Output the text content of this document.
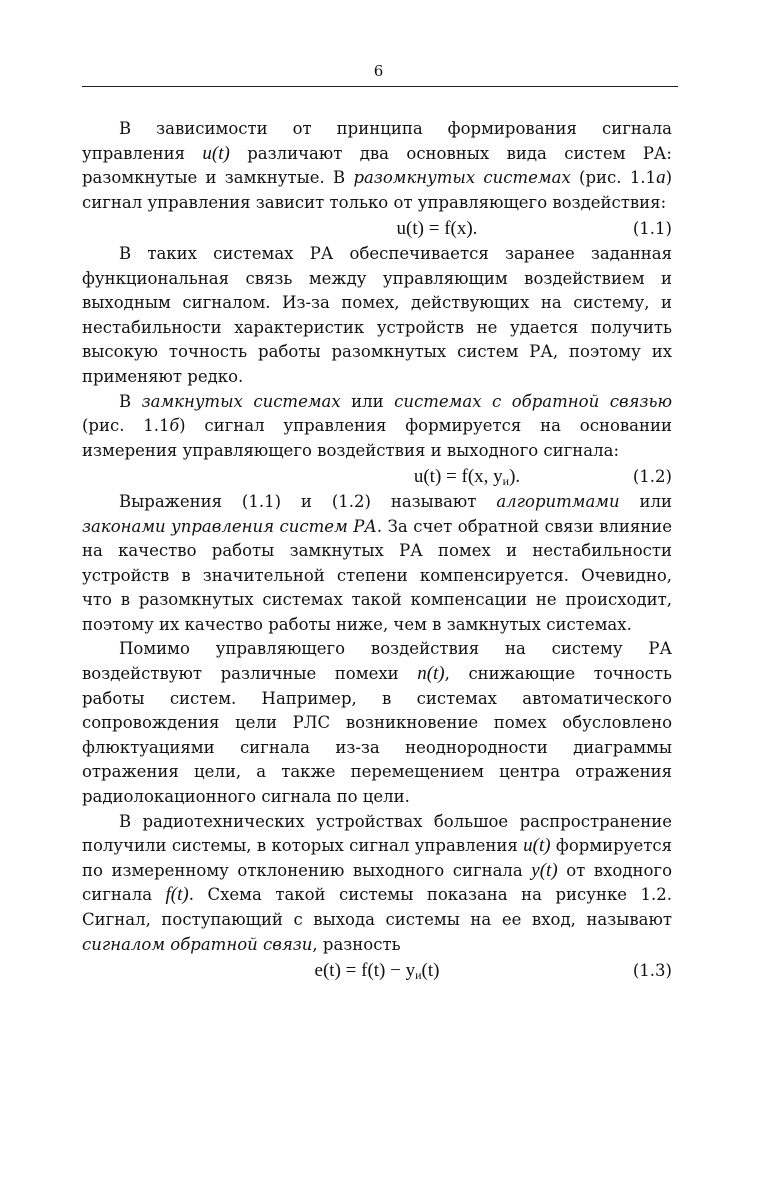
6

В зависимости от принципа формирования сигнала управления u(t) различают два основных вида систем РА: разомкнутые и замкнутые. В разомкнутых системах (рис. 1.1а) сигнал управления зависит только от управляющего воздействия:

u(t) = f(x).	(1.1)

В таких системах РА обеспечивается заранее заданная функциональная связь между управляющим воздействием и выходным сигналом. Из-за помех, действующих на систему, и нестабильности характеристик устройств не удается получить высокую точность работы разомкнутых систем РА, поэтому их применяют редко.

В замкнутых системах или системах с обратной связью (рис. 1.1б) сигнал управления формируется на основании измерения управляющего воздействия и выходного сигнала:

u(t) = f(x, $y_и$).	(1.2)

Выражения (1.1) и (1.2) называют алгоритмами или законами управления систем РА. За счет обратной связи влияние на качество работы замкнутых РА помех и нестабильности устройств в значительной степени компенсируется. Очевидно, что в разомкнутых системах такой компенсации не происходит, поэтому их качество работы ниже, чем в замкнутых системах.

Помимо управляющего воздействия на систему РА воздействуют различные помехи n(t), снижающие точность работы систем. Например, в системах автоматического сопровождения цели РЛС возникновение помех обусловлено флюктуациями сигнала из-за неоднородности диаграммы отражения цели, а также перемещением центра отражения радиолокационного сигнала по цели.

В радиотехнических устройствах большое распространение получили системы, в которых сигнал управления u(t) формируется по измеренному отклонению выходного сигнала y(t) от входного сигнала f(t). Схема такой системы показана на рисунке 1.2. Сигнал, поступающий с выхода системы на ее вход, называют сигналом обратной связи, разность

$e(t) = f(t) - y_и(t)$	(1.3)
